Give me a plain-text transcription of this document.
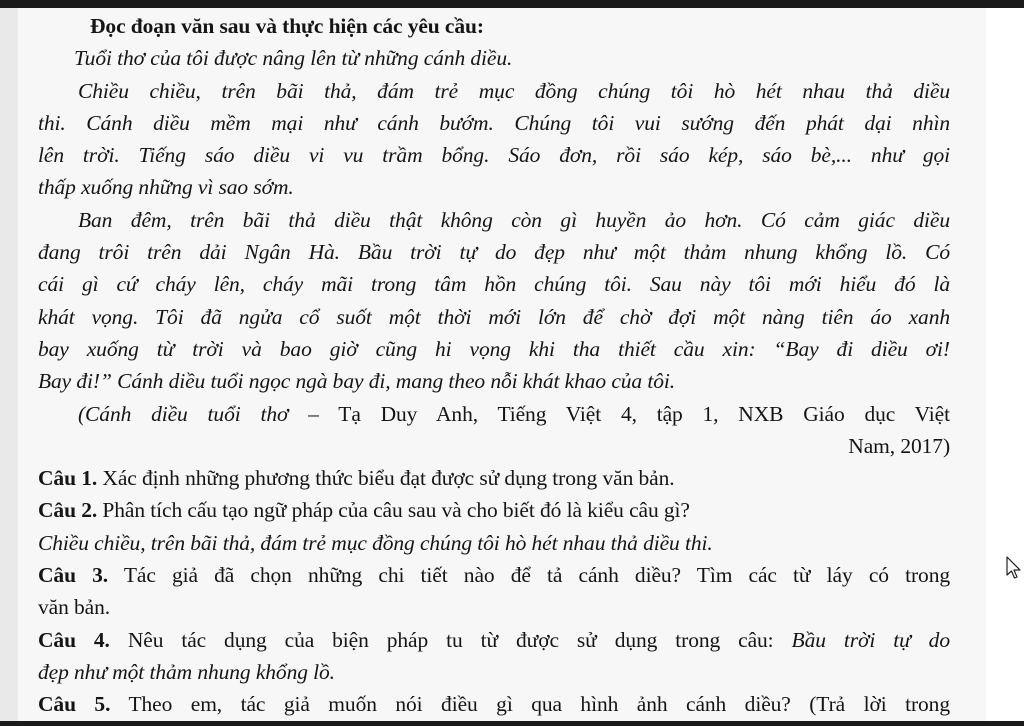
Đọc đoạn văn sau và thực hiện các yêu cầu:
Tuổi thơ của tôi được nâng lên từ những cánh diều.
Chiều chiều, trên bãi thả, đám trẻ mục đồng chúng tôi hò hét nhau thả diều
thi. Cánh diều mềm mại như cánh bướm. Chúng tôi vui sướng đến phát dại nhìn
lên trời. Tiếng sáo diều vi vu trầm bổng. Sáo đơn, rồi sáo kép, sáo bè,... như gọi
thấp xuống những vì sao sớm.
Ban đêm, trên bãi thả diều thật không còn gì huyền ảo hơn. Có cảm giác diều
đang trôi trên dải Ngân Hà. Bầu trời tự do đẹp như một thảm nhung khổng lồ. Có
cái gì cứ cháy lên, cháy mãi trong tâm hồn chúng tôi. Sau này tôi mới hiểu đó là
khát vọng. Tôi đã ngửa cổ suốt một thời mới lớn để chờ đợi một nàng tiên áo xanh
bay xuống từ trời và bao giờ cũng hi vọng khi tha thiết cầu xin: “Bay đi diều ơi!
Bay đi!” Cánh diều tuổi ngọc ngà bay đi, mang theo nỗi khát khao của tôi.
(Cánh diều tuổi thơ – Tạ Duy Anh, Tiếng Việt 4, tập 1, NXB Giáo dục Việt
Nam, 2017)
Câu 1. Xác định những phương thức biểu đạt được sử dụng trong văn bản.
Câu 2. Phân tích cấu tạo ngữ pháp của câu sau và cho biết đó là kiểu câu gì?
Chiều chiều, trên bãi thả, đám trẻ mục đồng chúng tôi hò hét nhau thả diều thi.
Câu 3. Tác giả đã chọn những chi tiết nào để tả cánh diều? Tìm các từ láy có trong
văn bản.
Câu 4. Nêu tác dụng của biện pháp tu từ được sử dụng trong câu: Bầu trời tự do
đẹp như một thảm nhung khổng lồ.
Câu 5. Theo em, tác giả muốn nói điều gì qua hình ảnh cánh diều? (Trả lời trong
